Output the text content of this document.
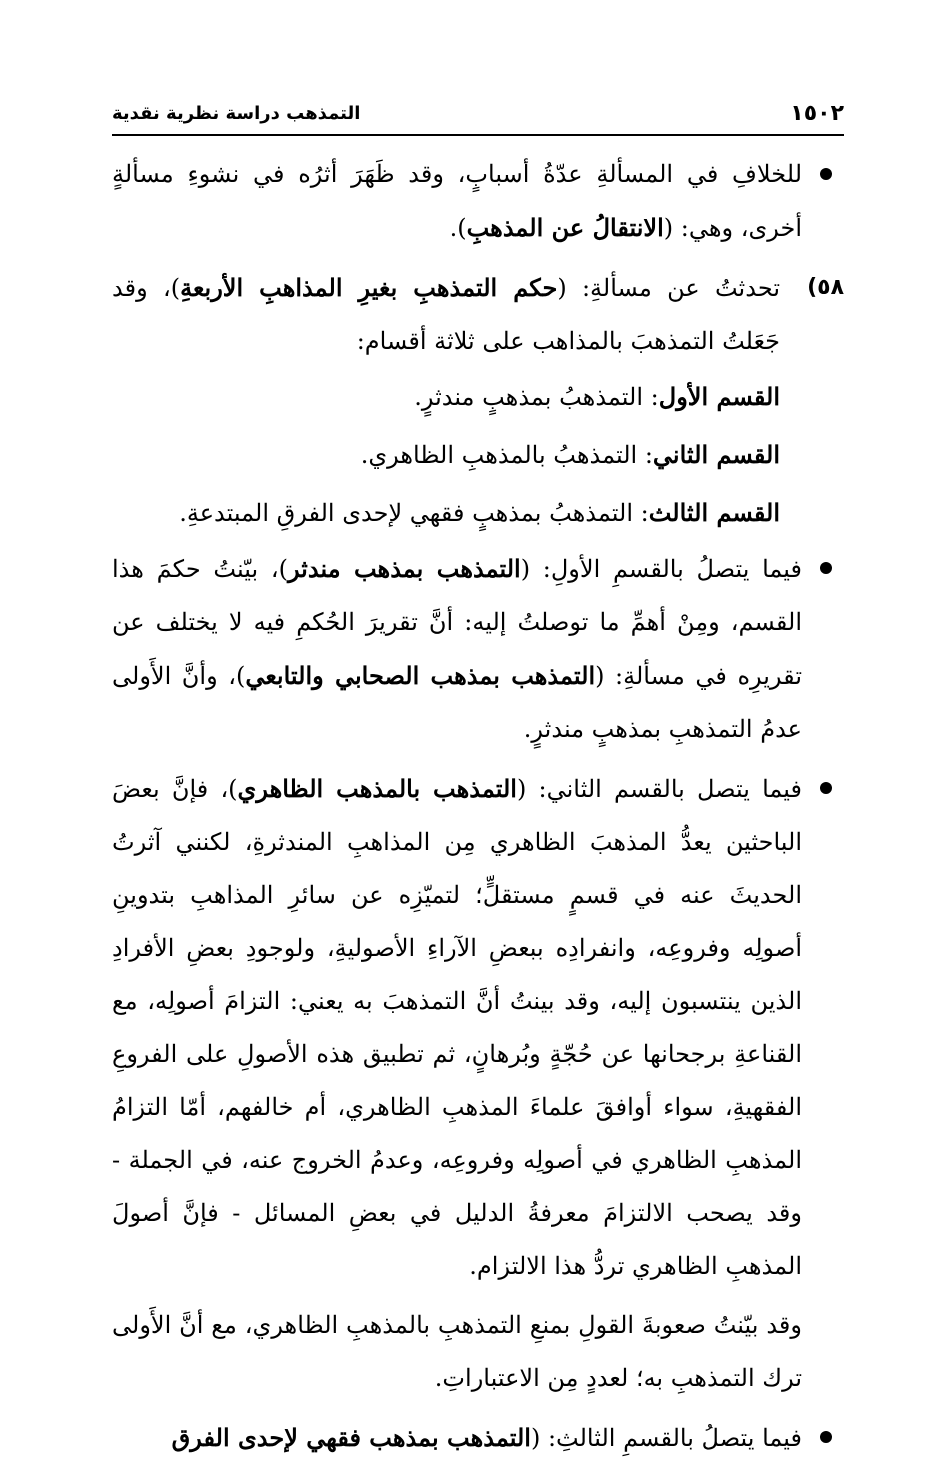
١٥٠٢
التمذهب دراسة نظرية نقدية
للخلافِ في المسألةِ عدّةُ أسبابٍ، وقد ظَهَرَ أثرُه في نشوءِ مسألةٍ أخرى، وهي: (الانتقالُ عن المذهبِ).
٥٨)
تحدثتُ عن مسألةِ: (حكم التمذهبِ بغيرِ المذاهبِ الأربعةِ)، وقد جَعَلتُ التمذهبَ بالمذاهب على ثلاثة أقسام:
القسم الأول: التمذهبُ بمذهبٍ مندثرٍ.
القسم الثاني: التمذهبُ بالمذهبِ الظاهري.
القسم الثالث: التمذهبُ بمذهبٍ فقهي لإحدى الفرقِ المبتدعةِ.
فيما يتصلُ بالقسمِ الأولِ: (التمذهب بمذهب مندثر)، بيّنتُ حكمَ هذا القسم، ومِنْ أهمِّ ما توصلتُ إليه: أنَّ تقريرَ الحُكمِ فيه لا يختلف عن تقريرِه في مسألةِ: (التمذهب بمذهب الصحابي والتابعي)، وأنَّ الأَولى عدمُ التمذهبِ بمذهبٍ مندثرٍ.
فيما يتصل بالقسم الثاني: (التمذهب بالمذهب الظاهري)، فإنَّ بعضَ الباحثين يعدُّ المذهبَ الظاهري مِن المذاهبِ المندثرةِ، لكنني آثرتُ الحديثَ عنه في قسمٍ مستقلٍّ؛ لتميّزِه عن سائرِ المذاهبِ بتدوينِ أصولِه وفروعِه، وانفرادِه ببعضِ الآراءِ الأصوليةِ، ولوجودِ بعضِ الأفرادِ الذين ينتسبون إليه، وقد بينتُ أنَّ التمذهبَ به يعني: التزامَ أصولِه، مع القناعةِ برجحانها عن حُجّةٍ وبُرهانٍ، ثم تطبيق هذه الأصولِ على الفروعِ الفقهيةِ، سواء أوافقَ علماءَ المذهبِ الظاهري، أم خالفهم، أمّا التزامُ المذهبِ الظاهري في أصولِه وفروعِه، وعدمُ الخروج عنه، في الجملة - وقد يصحب الالتزامَ معرفةُ الدليل في بعضِ المسائل - فإنَّ أصولَ المذهبِ الظاهري تردُّ هذا الالتزام.
وقد بيّنتُ صعوبةَ القولِ بمنعِ التمذهبِ بالمذهبِ الظاهري، مع أنَّ الأَولى ترك التمذهبِ به؛ لعددٍ مِن الاعتباراتِ.
فيما يتصلُ بالقسمِ الثالثِ: (التمذهب بمذهب فقهي لإحدى الفرق
